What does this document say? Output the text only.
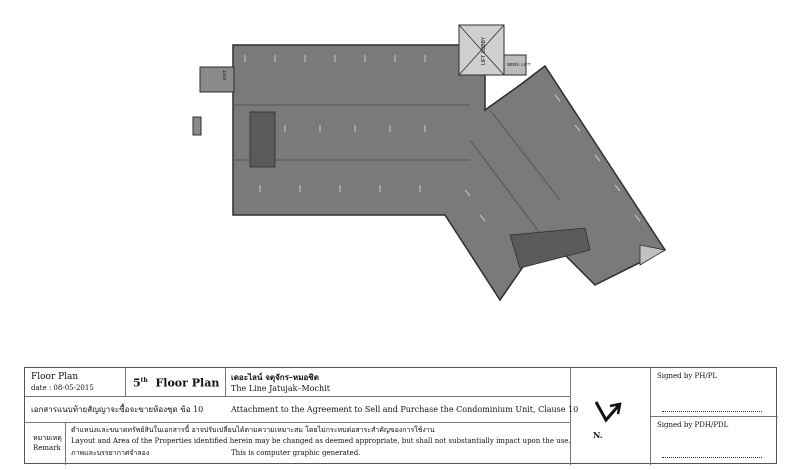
LIFT LOBBY	SERV. LIFT
EXIT
Floor Plan
date : 08-05-2015	5th Floor Plan เดอะไลน์ จตุจักร–หมอชิต
The Line Jatujak–Mochit
เอกสารแนบท้ายสัญญาจะซื้อจะขายห้องชุด ข้อ 10	Attachment to the Agreement to Sell and Purchase the Condominium Unit, Clause 10
หมายเหตุ
Remark
ตำแหน่งและขนาดทรัพย์สินในเอกสารนี้ อาจปรับเปลี่ยนได้ตามความเหมาะสม โดยไม่กระทบต่อสาระสำคัญของการใช้งาน
Layout and Area of the Properties identified herein may be changed as deemed appropriate, but shall not substantially impact upon the use.
ภาพและบรรยากาศจำลอง	This is computer graphic generated.
N.
Signed by PH/PL
Signed by PDH/PDL
